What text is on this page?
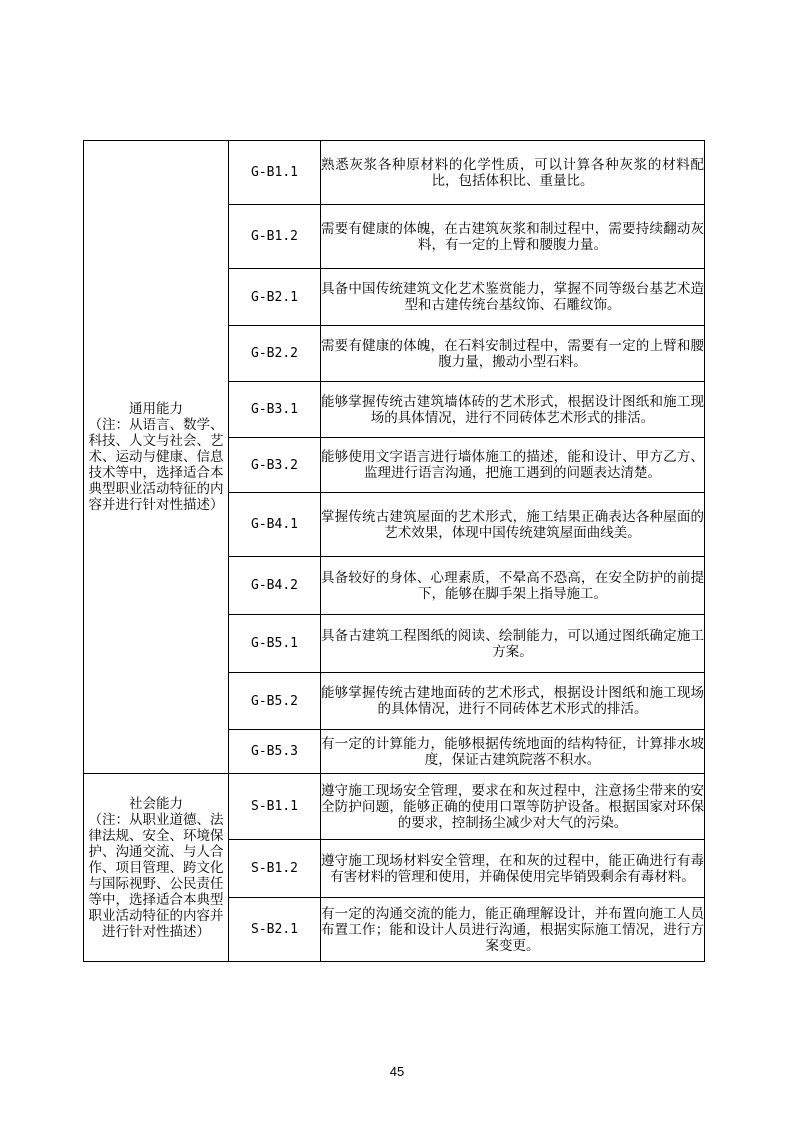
通用能力
（注：从语言、数学、科技、人文与社会、艺术、运动与健康、信息技术等中，选择适合本典型职业活动特征的内容并进行针对性描述）	G-B1.1	熟悉灰浆各种原材料的化学性质，可以计算各种灰浆的材料配比，包括体积比、重量比。
	G-B1.2	需要有健康的体魄，在古建筑灰浆和制过程中，需要持续翻动灰料，有一定的上臂和腰腹力量。
	G-B2.1	具备中国传统建筑文化艺术鉴赏能力，掌握不同等级台基艺术造型和古建传统台基纹饰、石雕纹饰。
	G-B2.2	需要有健康的体魄，在石料安制过程中，需要有一定的上臂和腰腹力量，搬动小型石料。
	G-B3.1	能够掌握传统古建筑墙体砖的艺术形式，根据设计图纸和施工现场的具体情况，进行不同砖体艺术形式的排活。
	G-B3.2	能够使用文字语言进行墙体施工的描述，能和设计、甲方乙方、监理进行语言沟通，把施工遇到的问题表达清楚。
	G-B4.1	掌握传统古建筑屋面的艺术形式，施工结果正确表达各种屋面的艺术效果，体现中国传统建筑屋面曲线美。
	G-B4.2	具备较好的身体、心理素质，不晕高不恐高，在安全防护的前提下，能够在脚手架上指导施工。
	G-B5.1	具备古建筑工程图纸的阅读、绘制能力，可以通过图纸确定施工方案。
	G-B5.2	能够掌握传统古建地面砖的艺术形式，根据设计图纸和施工现场的具体情况，进行不同砖体艺术形式的排活。
	G-B5.3	有一定的计算能力，能够根据传统地面的结构特征，计算排水坡度，保证古建筑院落不积水。

社会能力
（注：从职业道德、法律法规、安全、环境保护、沟通交流、与人合作、项目管理、跨文化与国际视野、公民责任等中，选择适合本典型职业活动特征的内容并进行针对性描述）	S-B1.1	遵守施工现场安全管理，要求在和灰过程中，注意扬尘带来的安全防护问题，能够正确的使用口罩等防护设备。根据国家对环保的要求，控制扬尘减少对大气的污染。
	S-B1.2	遵守施工现场材料安全管理，在和灰的过程中，能正确进行有毒有害材料的管理和使用，并确保使用完毕销毁剩余有毒材料。
	S-B2.1	有一定的沟通交流的能力，能正确理解设计，并布置向施工人员布置工作；能和设计人员进行沟通，根据实际施工情况，进行方案变更。
45
